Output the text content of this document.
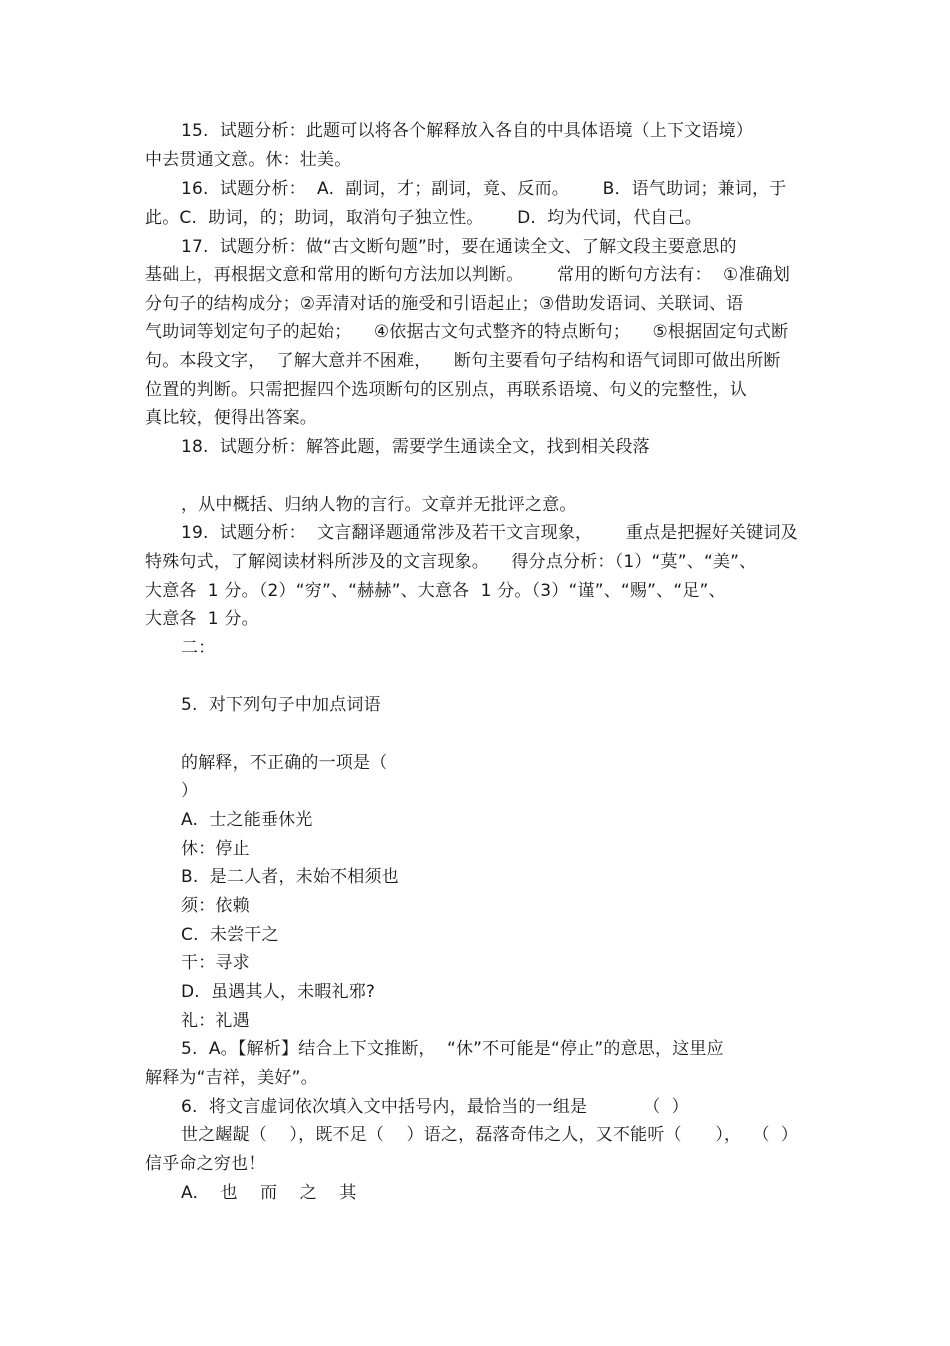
15.  试题分析：此题可以将各个解释放入各自的中具体语境（上下文语境）
中去贯通文意。休：壮美。
16.  试题分析：  A.  副词，才；副词，竟、反而。      B．语气助词；兼词，于
此。C.  助词，的；助词，取消句子独立性。      D.  均为代词，代自己。
17.  试题分析：做“古文断句题”时，要在通读全文、了解文段主要意思的
基础上，再根据文意和常用的断句方法加以判断。      常用的断句方法有：  ①准确划
分句子的结构成分；②弄清对话的施受和引语起止；③借助发语词、关联词、语
气助词等划定句子的起始；    ④依据古文句式整齐的特点断句；    ⑤根据固定句式断
句。本段文字，  了解大意并不困难，    断句主要看句子结构和语气词即可做出所断
位置的判断。只需把握四个选项断句的区别点，再联系语境、句义的完整性，认
真比较，便得出答案。
18.  试题分析：解答此题，需要学生通读全文，找到相关段落
，从中概括、归纳人物的言行。文章并无批评之意。
19.  试题分析：  文言翻译题通常涉及若干文言现象，      重点是把握好关键词及
特殊句式，了解阅读材料所涉及的文言现象。    得分点分析：（1）“莫”、“美”、
大意各  1 分。（2）“穷”、“赫赫”、大意各  1 分。（3）“谨”、“赐”、“足”、
大意各  1 分。
二：
5.  对下列句子中加点词语
的解释，不正确的一项是（
）
A.  士之能垂休光
休：停止
B.  是二人者，未始不相须也
须：依赖
C.  未尝干之
干：寻求
D.  虽遇其人，未暇礼邪?
礼：礼遇
5.  A。【解析】结合上下文推断，  “休”不可能是“停止”的意思，这里应
解释为“吉祥，美好”。
6.  将文言虚词依次填入文中括号内，最恰当的一组是          （  ）
世之龌龊（    ），既不足（    ）语之，磊落奇伟之人，又不能听（      ），  （  ）
信乎命之穷也！
A.    也    而    之    其
